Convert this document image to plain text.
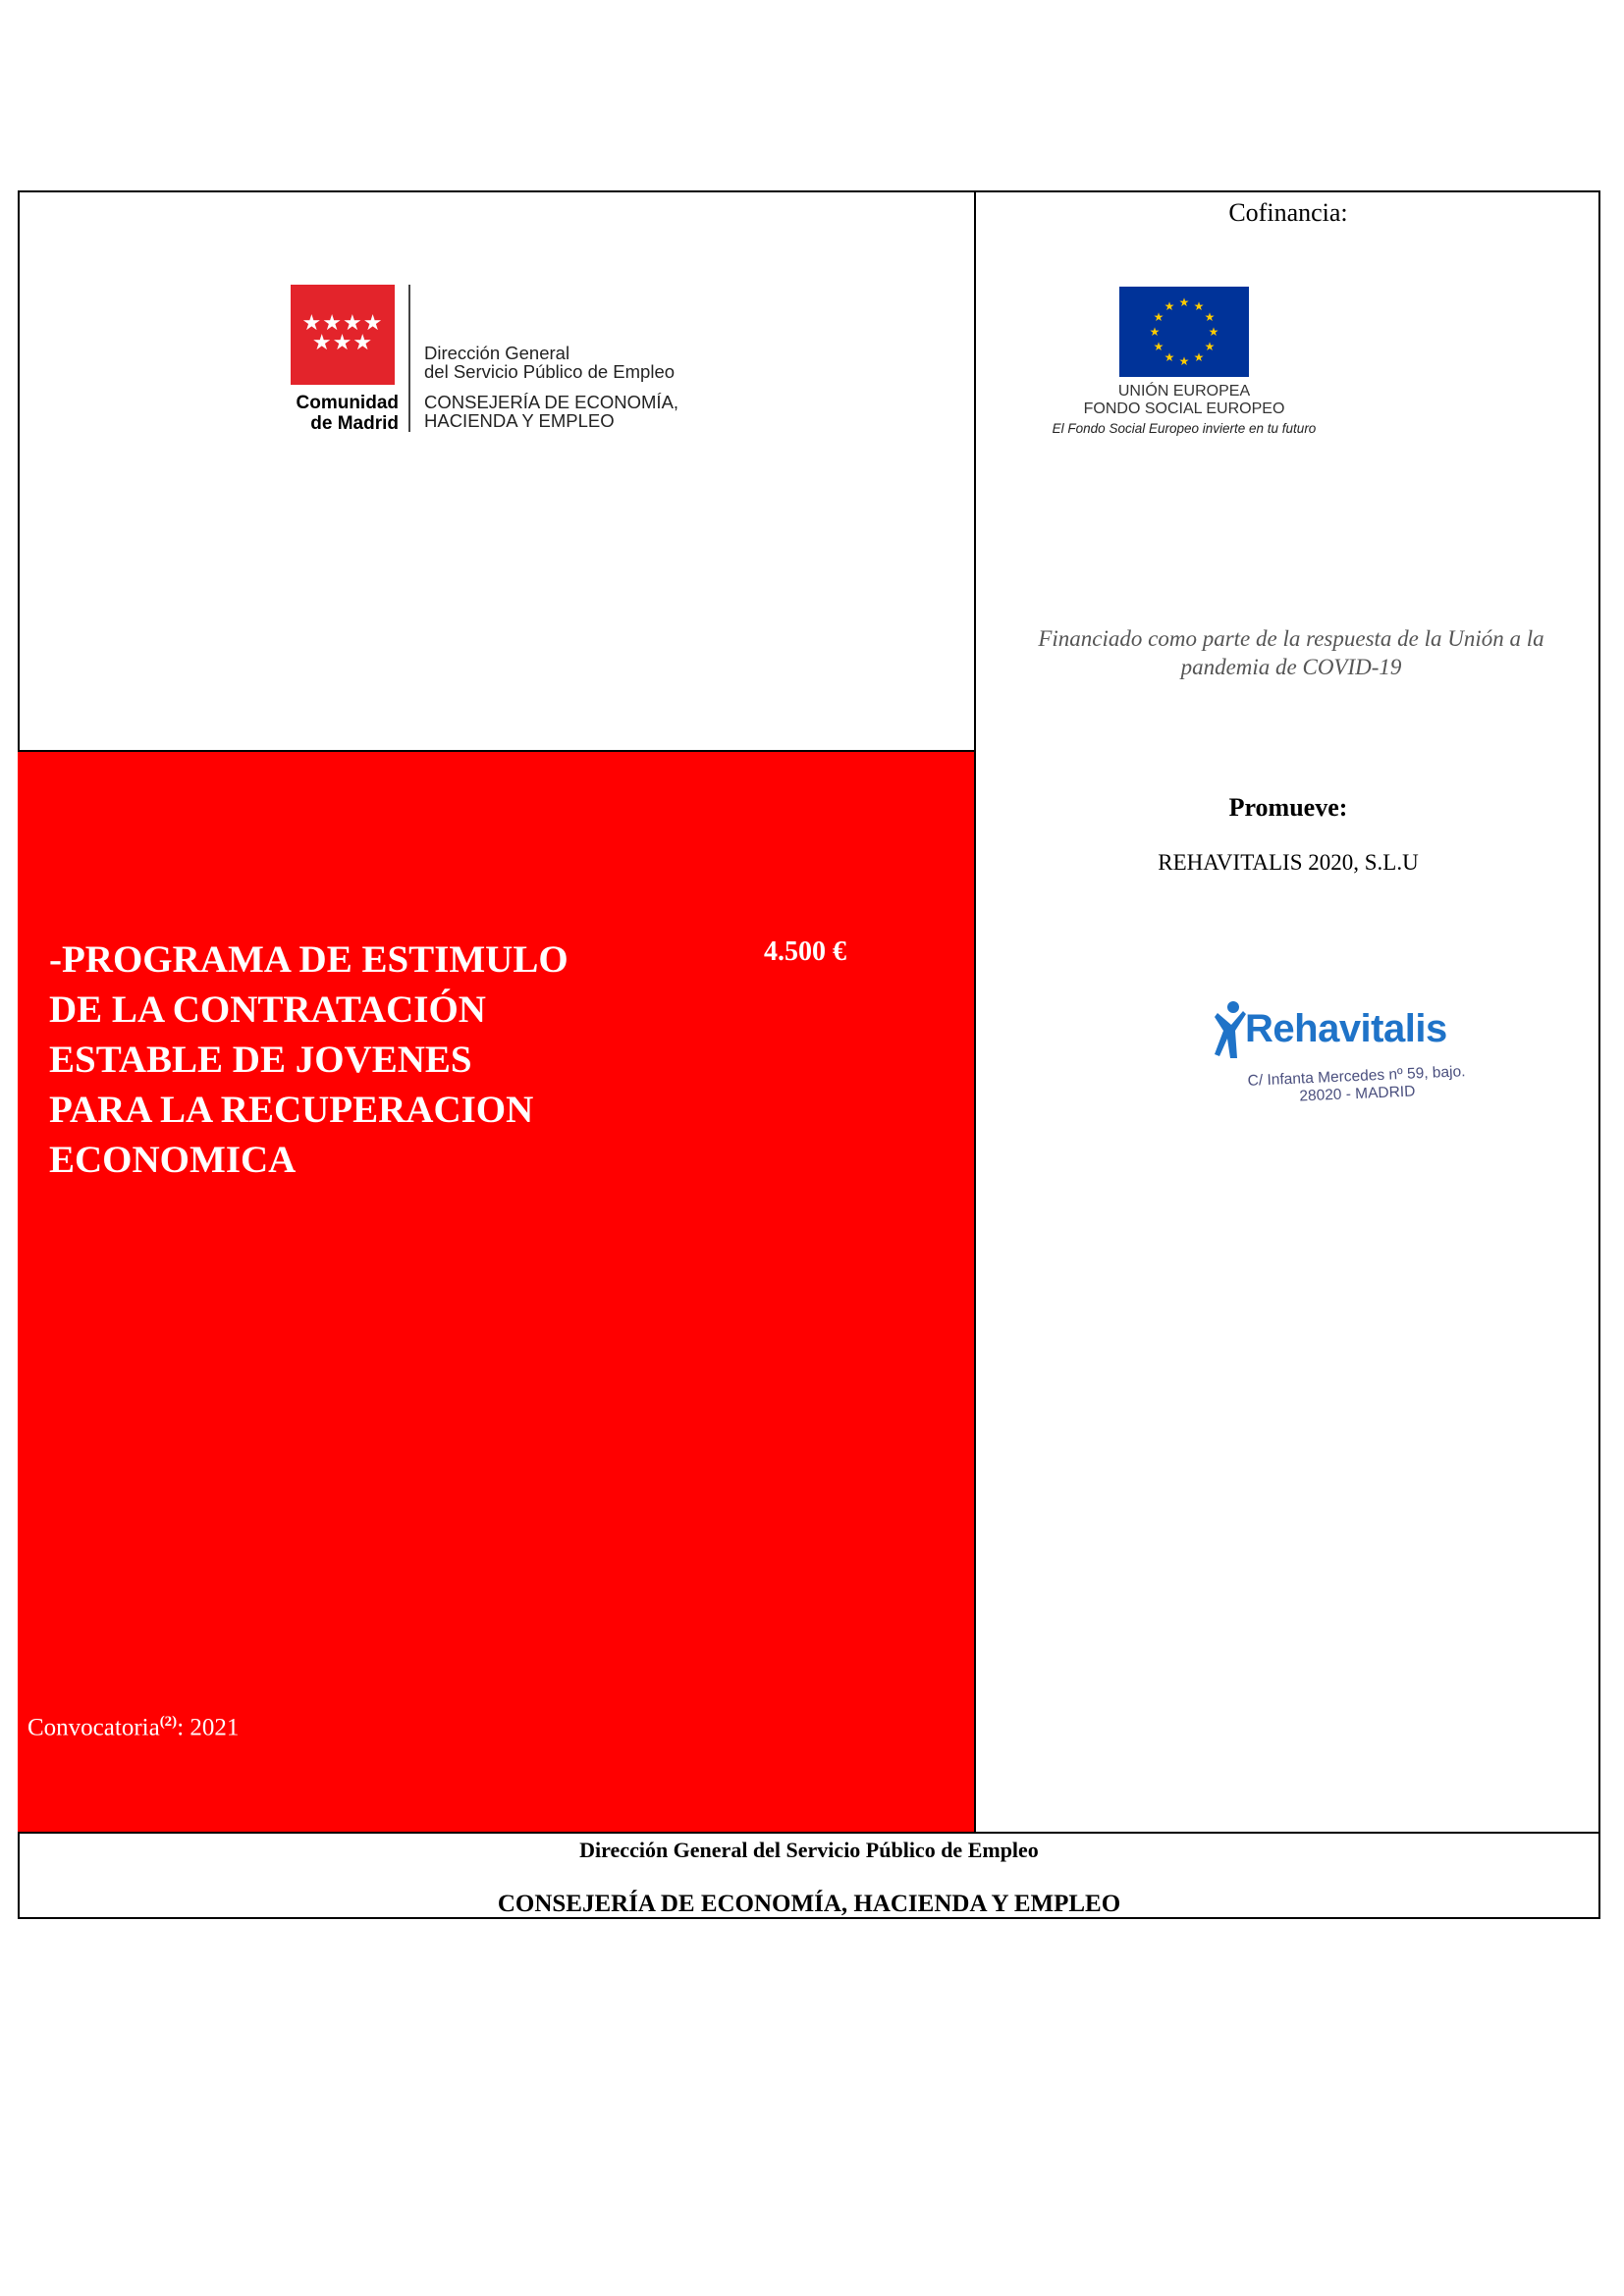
Cofinancia:
★★★★
★★★
Comunidad
de Madrid
Dirección General
del Servicio Público de Empleo
CONSEJERÍA DE ECONOMÍA,
HACIENDA Y EMPLEO
★ ★
★
★
★
★
★
★
★
★
★
★
UNIÓN EUROPEA
FONDO SOCIAL EUROPEO
El Fondo Social Europeo invierte en tu futuro
Financiado como parte de la respuesta de la Unión a la pandemia de COVID-19
Promueve:
REHAVITALIS 2020, S.L.U
Rehavitalis
C/ Infanta Mercedes nº 59, bajo.
28020 - MADRID
-PROGRAMA DE ESTIMULO
DE LA CONTRATACIÓN
ESTABLE DE JOVENES
PARA LA RECUPERACION
ECONOMICA
4.500 €
Convocatoria$^{(2)}$: 2021
Dirección General del Servicio Público de Empleo
CONSEJERÍA DE ECONOMÍA, HACIENDA Y EMPLEO
